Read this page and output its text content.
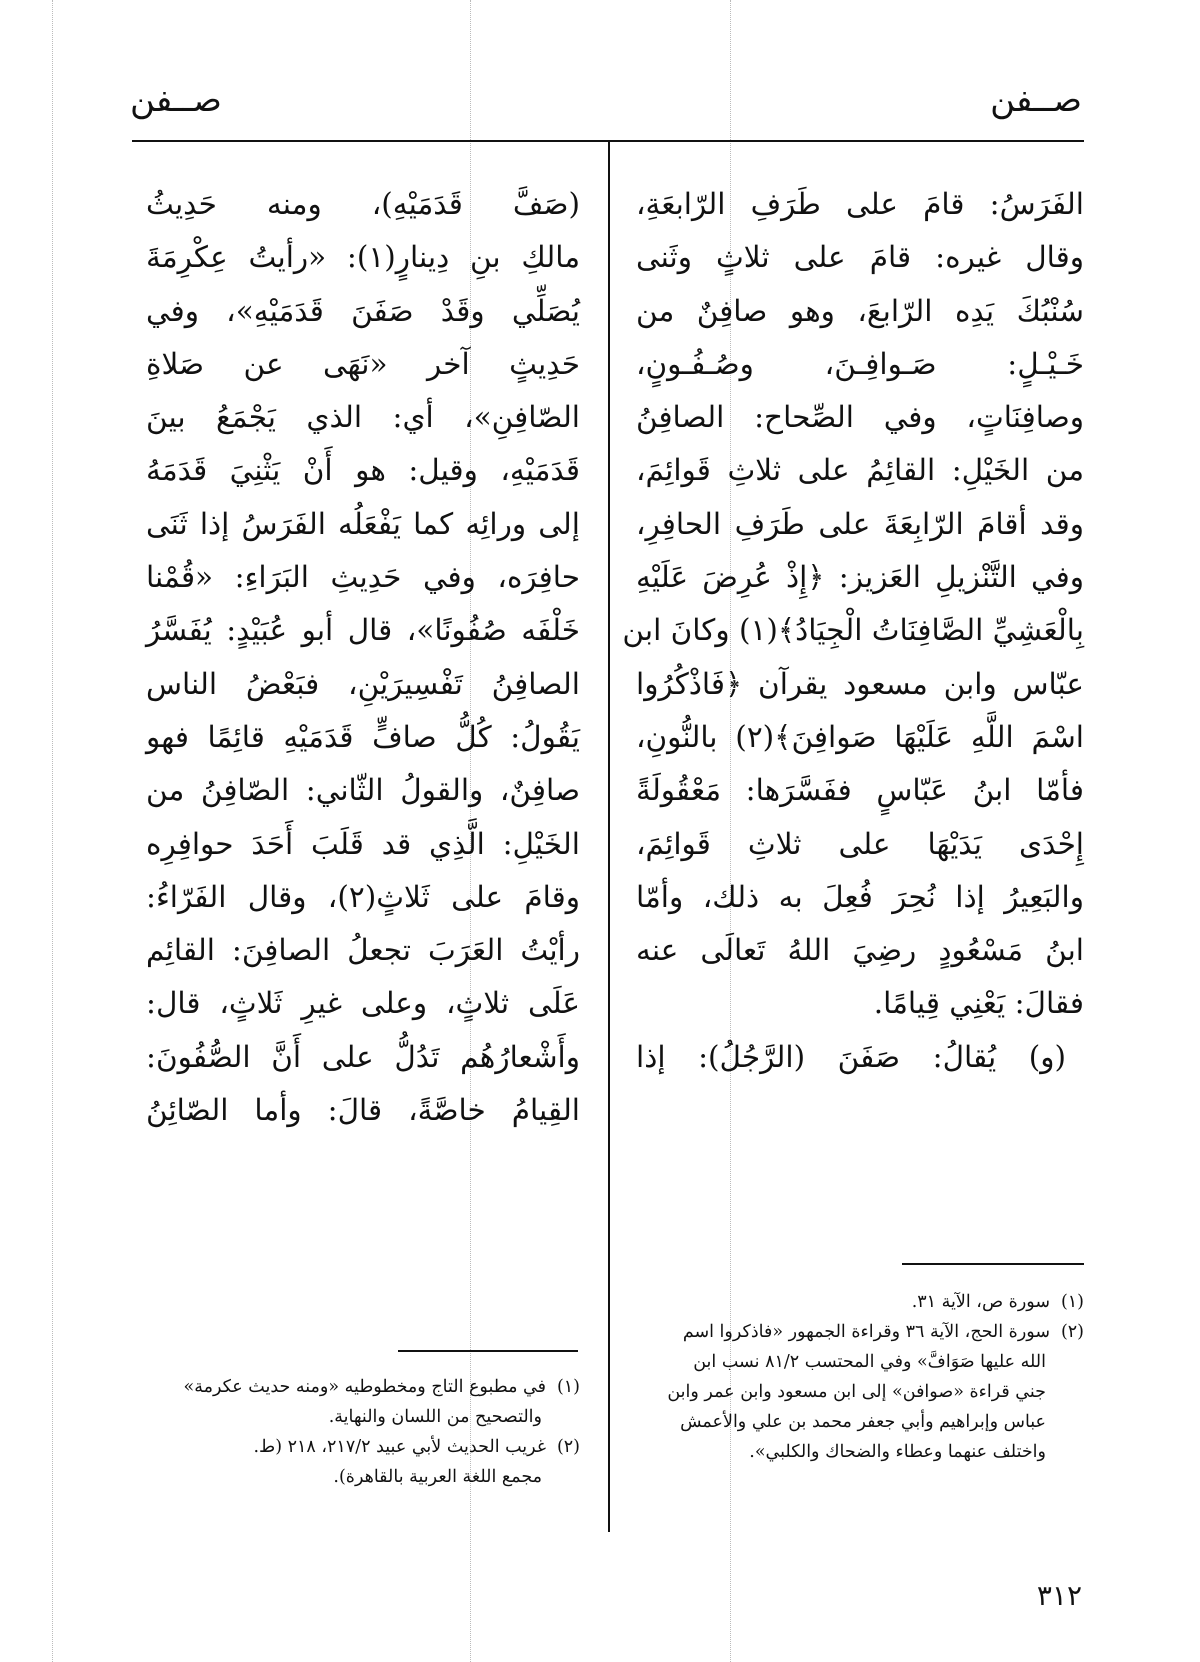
صــفن
صــفن
الفَرَسُ: قامَ على طَرَفِ الرّابعَةِ،
وقال غيره: قامَ على ثلاثٍ وثَنى
سُنْبُكَ يَدِه الرّابعَ، وهو صافِنٌ من
خَـيْـلٍ: صَـوافِـنَ، وصُـفُـونٍ،
وصافِنَاتٍ، وفي الصِّحاح: الصافِنُ
من الخَيْلِ: القائِمُ على ثلاثِ قَوائِمَ،
وقد أقامَ الرّابِعَةَ على طَرَفِ الحافِرِ،
وفي التَّنْزيلِ العَزيز: ﴿إِذْ عُرِضَ عَلَيْهِ
بِالْعَشِيِّ الصَّافِنَاتُ الْجِيَادُ﴾(١) وكانَ ابن
عبّاس وابن مسعود يقرآن ﴿فَاذْكُرُوا
اسْمَ اللَّهِ عَلَيْهَا صَوافِنَ﴾(٢) بالنُّونِ،
فأمّا ابنُ عَبّاسٍ ففَسَّرَها: مَعْقُولَةً
إِحْدَى يَدَيْهَا على ثلاثِ قَوائِمَ،
والبَعِيرُ إذا نُحِرَ فُعِلَ به ذلك، وأمّا
ابنُ مَسْعُودٍ رضِيَ اللهُ تَعالَى عنه
فقالَ: يَعْنِي قِيامًا.
(و) يُقالُ: صَفَنَ (الرَّجُلُ): إذا
(صَفَّ قَدَمَيْهِ)، ومنه حَدِيثُ
مالكِ بنِ دِينارٍ(١): «رأيتُ عِكْرِمَةَ
يُصَلِّي وقَدْ صَفَنَ قَدَمَيْهِ»، وفي
حَدِيثٍ آخر «نَهَى عن صَلاةِ
الصّافِنِ»، أي: الذي يَجْمَعُ بينَ
قَدَمَيْهِ، وقيل: هو أَنْ يَثْنِيَ قَدَمَهُ
إلى ورائِه كما يَفْعَلُه الفَرَسُ إذا ثَنَى
حافِرَه، وفي حَدِيثِ البَرَاءِ: «قُمْنا
خَلْفَه صُفُونًا»، قال أبو عُبَيْدٍ: يُفَسَّرُ
الصافِنُ تَفْسِيرَيْنِ، فبَعْضُ الناس
يَقُولُ: كُلُّ صافٍّ قَدَمَيْهِ قائِمًا فهو
صافِنٌ، والقولُ الثّاني: الصّافِنُ من
الخَيْلِ: الَّذِي قد قَلَبَ أَحَدَ حوافِرِه
وقامَ على ثَلاثٍ(٢)، وقال الفَرّاءُ:
رأيْتُ العَرَبَ تجعلُ الصافِنَ: القائِم
عَلَى ثلاثٍ، وعلى غيرِ ثَلاثٍ، قال:
وأَشْعارُهُم تَدُلُّ على أَنَّ الصُّفُونَ:
القِيامُ خاصَّةً، قالَ: وأما الصّائِنُ
(١)سورة ص، الآية ٣١.
(٢)سورة الحج، الآية ٣٦ وقراءة الجمهور «فاذكروا اسم
الله عليها صَوَافَّ» وفي المحتسب ٨١/٢ نسب ابن
جني قراءة «صوافن» إلى ابن مسعود وابن عمر وابن
عباس وإبراهيم وأبي جعفر محمد بن علي والأعمش
واختلف عنهما وعطاء والضحاك والكلبي».
(١)في مطبوع التاج ومخطوطيه «ومنه حديث عكرمة»
والتصحيح من اللسان والنهاية.
(٢)غريب الحديث لأبي عبيد ٢١٧/٢، ٢١٨ (ط.
مجمع اللغة العربية بالقاهرة).
٣١٢
